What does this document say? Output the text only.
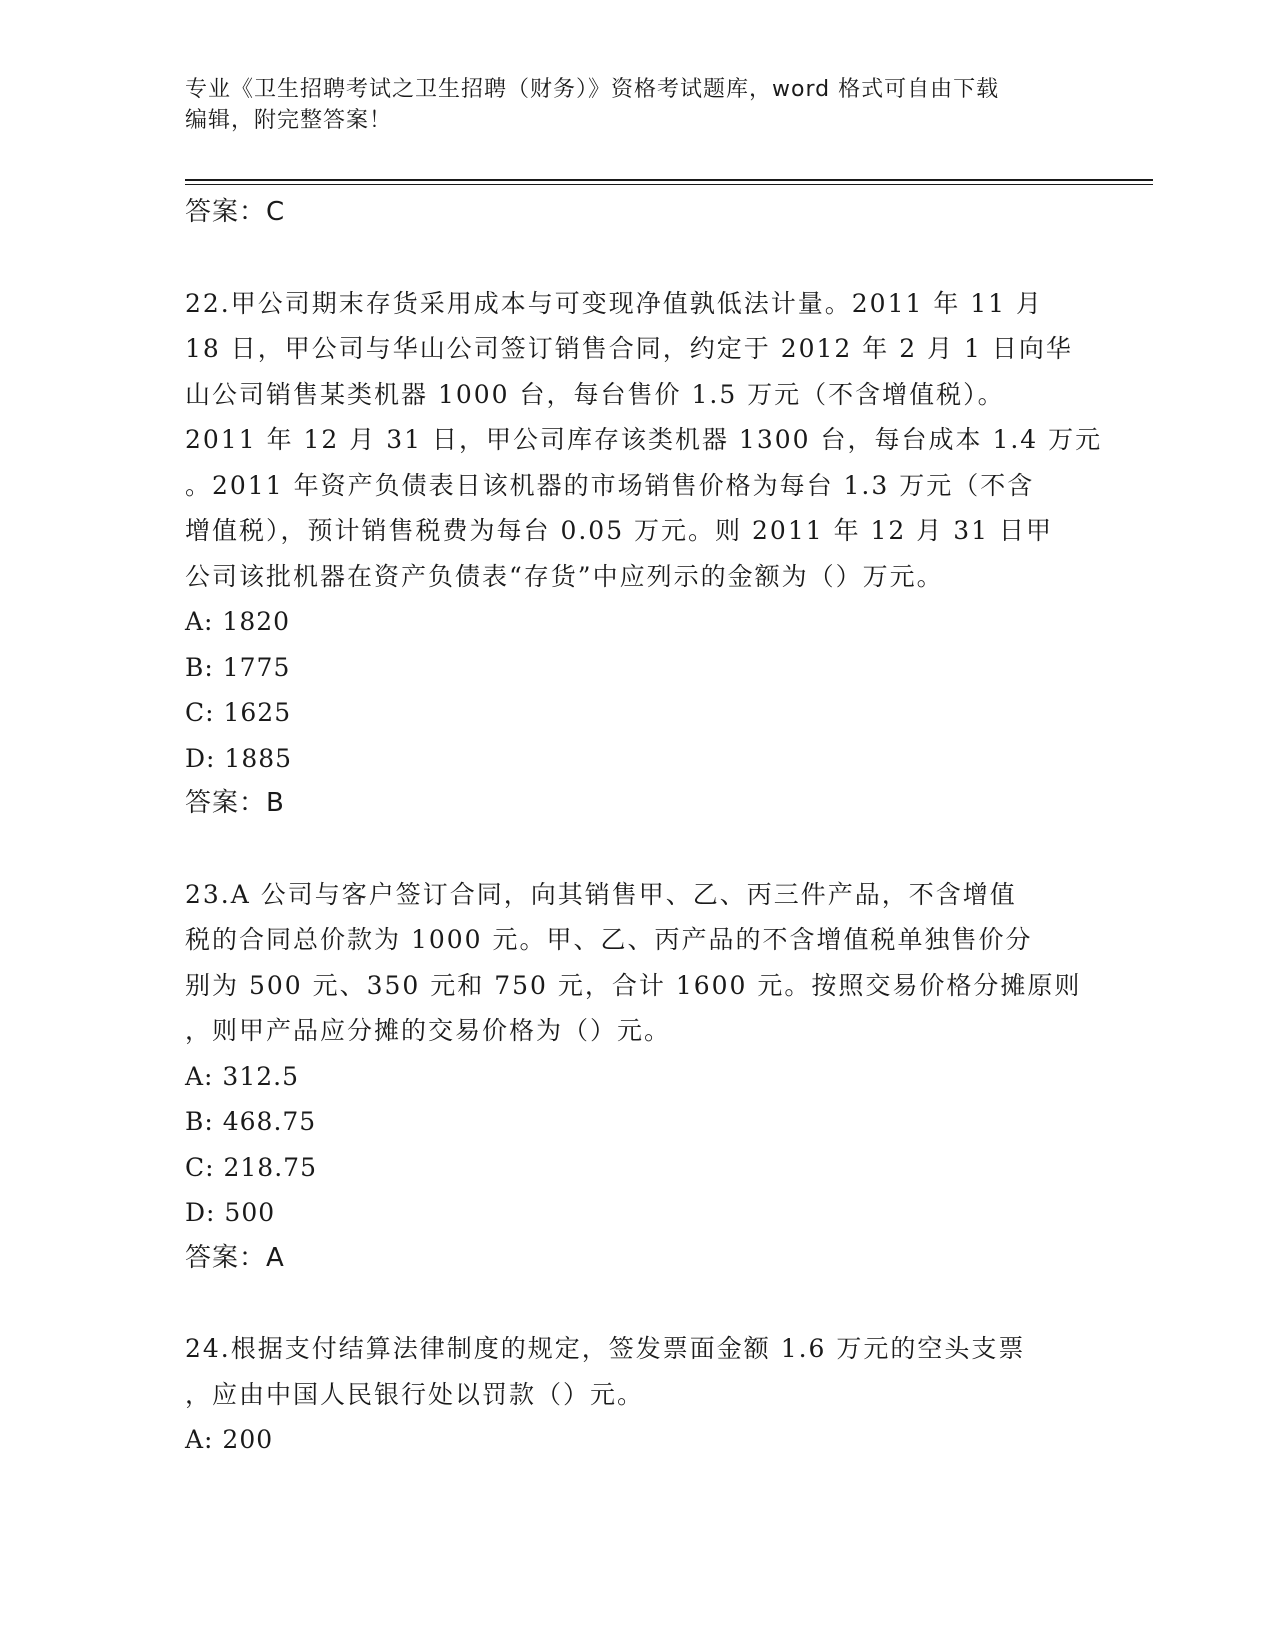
专业《卫生招聘考试之卫生招聘（财务）》资格考试题库，word 格式可自由下载
编辑，附完整答案！
答案：C
22.甲公司期末存货采用成本与可变现净值孰低法计量。2011 年 11 月
18 日，甲公司与华山公司签订销售合同，约定于 2012 年 2 月 1 日向华
山公司销售某类机器 1000 台，每台售价 1.5 万元（不含增值税）。
2011 年 12 月 31 日，甲公司库存该类机器 1300 台，每台成本 1.4 万元
。2011 年资产负债表日该机器的市场销售价格为每台 1.3 万元（不含
增值税），预计销售税费为每台 0.05 万元。则 2011 年 12 月 31 日甲
公司该批机器在资产负债表“存货”中应列示的金额为（）万元。
A: 1820
B: 1775
C: 1625
D: 1885
答案：B
23.A 公司与客户签订合同，向其销售甲、乙、丙三件产品，不含增值
税的合同总价款为 1000 元。甲、乙、丙产品的不含增值税单独售价分
别为 500 元、350 元和 750 元，合计 1600 元。按照交易价格分摊原则
，则甲产品应分摊的交易价格为（）元。
A: 312.5
B: 468.75
C: 218.75
D: 500
答案：A
24.根据支付结算法律制度的规定，签发票面金额 1.6 万元的空头支票
，应由中国人民银行处以罚款（）元。
A: 200
